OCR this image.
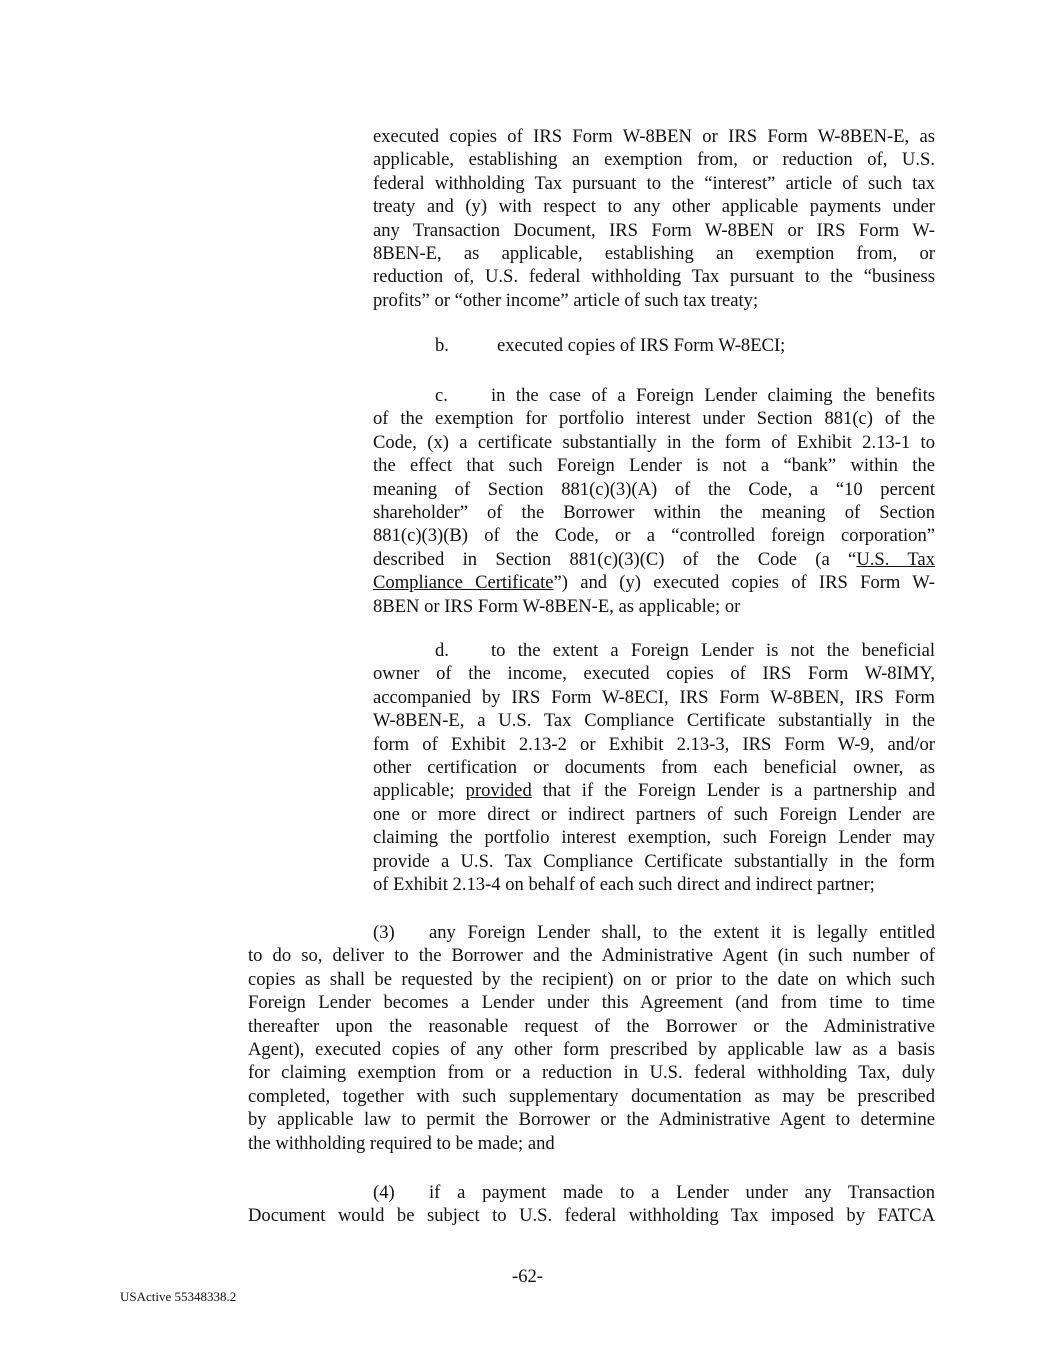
executed copies of IRS Form W-8BEN or IRS Form W-8BEN-E, as
applicable, establishing an exemption from, or reduction of, U.S.
federal withholding Tax pursuant to the “interest” article of such tax
treaty and (y) with respect to any other applicable payments under
any Transaction Document, IRS Form W-8BEN or IRS Form W-
8BEN-E, as applicable, establishing an exemption from, or
reduction of, U.S. federal withholding Tax pursuant to the “business
profits” or “other income” article of such tax treaty;
b.	executed copies of IRS Form W-8ECI;
c. in the case of a Foreign Lender claiming the benefits
of the exemption for portfolio interest under Section 881(c) of the
Code, (x) a certificate substantially in the form of Exhibit 2.13-1 to
the effect that such Foreign Lender is not a “bank” within the
meaning of Section 881(c)(3)(A) of the Code, a “10 percent
shareholder” of the Borrower within the meaning of Section
881(c)(3)(B) of the Code, or a “controlled foreign corporation”
described in Section 881(c)(3)(C) of the Code (a “U.S. Tax
Compliance Certificate”) and (y) executed copies of IRS Form W-
8BEN or IRS Form W-8BEN-E, as applicable; or
d. to the extent a Foreign Lender is not the beneficial
owner of the income, executed copies of IRS Form W-8IMY,
accompanied by IRS Form W-8ECI, IRS Form W-8BEN, IRS Form
W-8BEN-E, a U.S. Tax Compliance Certificate substantially in the
form of Exhibit 2.13-2 or Exhibit 2.13-3, IRS Form W-9, and/or
other certification or documents from each beneficial owner, as
applicable; provided that if the Foreign Lender is a partnership and
one or more direct or indirect partners of such Foreign Lender are
claiming the portfolio interest exemption, such Foreign Lender may
provide a U.S. Tax Compliance Certificate substantially in the form
of Exhibit 2.13-4 on behalf of each such direct and indirect partner;
(3) any Foreign Lender shall, to the extent it is legally entitled
to do so, deliver to the Borrower and the Administrative Agent (in such number of
copies as shall be requested by the recipient) on or prior to the date on which such
Foreign Lender becomes a Lender under this Agreement (and from time to time
thereafter upon the reasonable request of the Borrower or the Administrative
Agent), executed copies of any other form prescribed by applicable law as a basis
for claiming exemption from or a reduction in U.S. federal withholding Tax, duly
completed, together with such supplementary documentation as may be prescribed
by applicable law to permit the Borrower or the Administrative Agent to determine
the withholding required to be made; and
(4) if a payment made to a Lender under any Transaction
Document would be subject to U.S. federal withholding Tax imposed by FATCA
-62-
USActive 55348338.2
